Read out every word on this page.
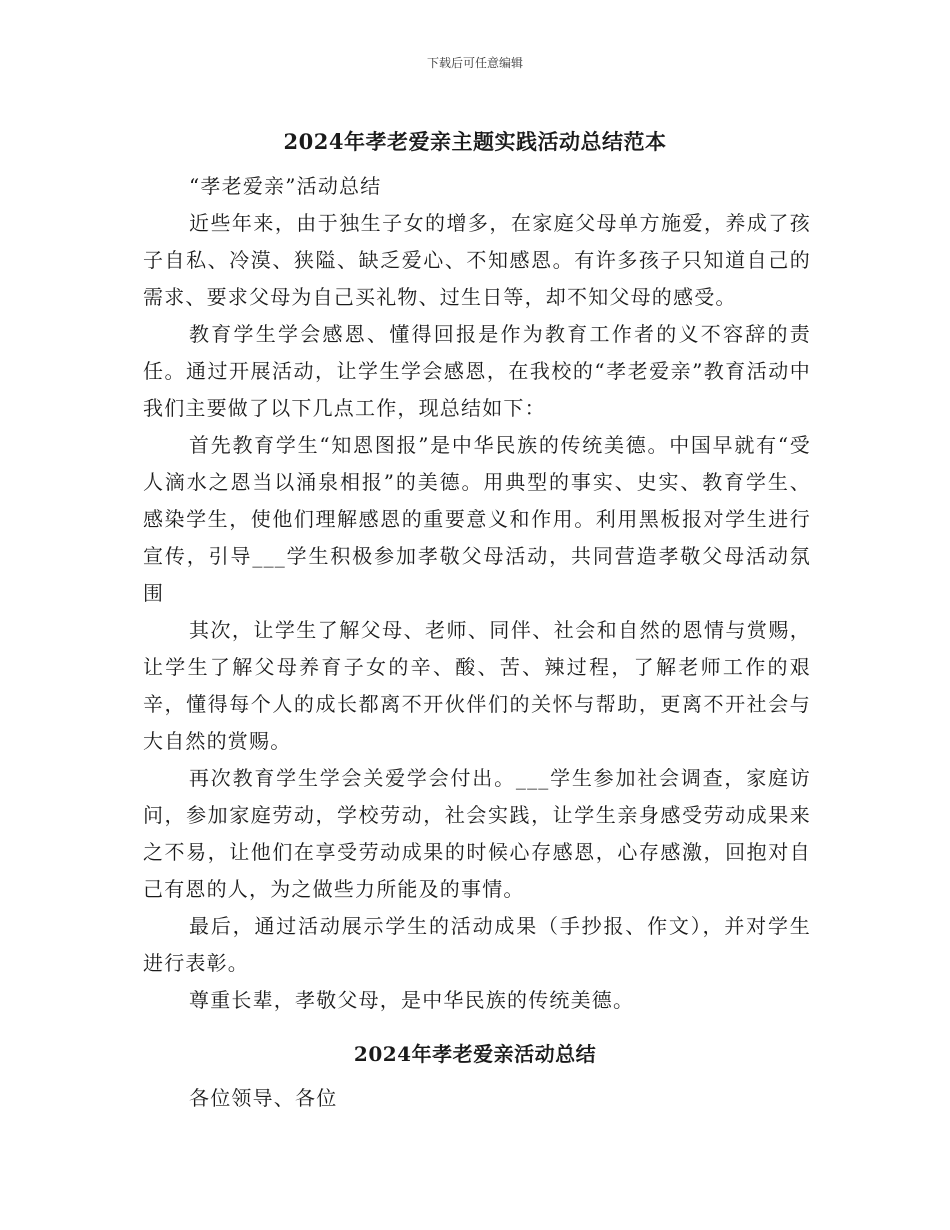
下载后可任意编辑
2024年孝老爱亲主题实践活动总结范本

“孝老爱亲”活动总结

近些年来，由于独生子女的增多，在家庭父母单方施爱，养成了孩子自私、冷漠、狭隘、缺乏爱心、不知感恩。有许多孩子只知道自己的需求、要求父母为自己买礼物、过生日等，却不知父母的感受。

教育学生学会感恩、懂得回报是作为教育工作者的义不容辞的责任。通过开展活动，让学生学会感恩，在我校的“孝老爱亲”教育活动中我们主要做了以下几点工作，现总结如下：

首先教育学生“知恩图报”是中华民族的传统美德。中国早就有“受人滴水之恩当以涌泉相报”的美德。用典型的事实、史实、教育学生、感染学生，使他们理解感恩的重要意义和作用。利用黑板报对学生进行宣传，引导___学生积极参加孝敬父母活动，共同营造孝敬父母活动氛围

其次，让学生了解父母、老师、同伴、社会和自然的恩情与赏赐，让学生了解父母养育子女的辛、酸、苦、辣过程，了解老师工作的艰辛，懂得每个人的成长都离不开伙伴们的关怀与帮助，更离不开社会与大自然的赏赐。

再次教育学生学会关爱学会付出。___学生参加社会调查，家庭访问，参加家庭劳动，学校劳动，社会实践，让学生亲身感受劳动成果来之不易，让他们在享受劳动成果的时候心存感恩，心存感激，回抱对自己有恩的人，为之做些力所能及的事情。

最后，通过活动展示学生的活动成果（手抄报、作文），并对学生进行表彰。

尊重长辈，孝敬父母，是中华民族的传统美德。

2024年孝老爱亲活动总结

各位领导、各位
